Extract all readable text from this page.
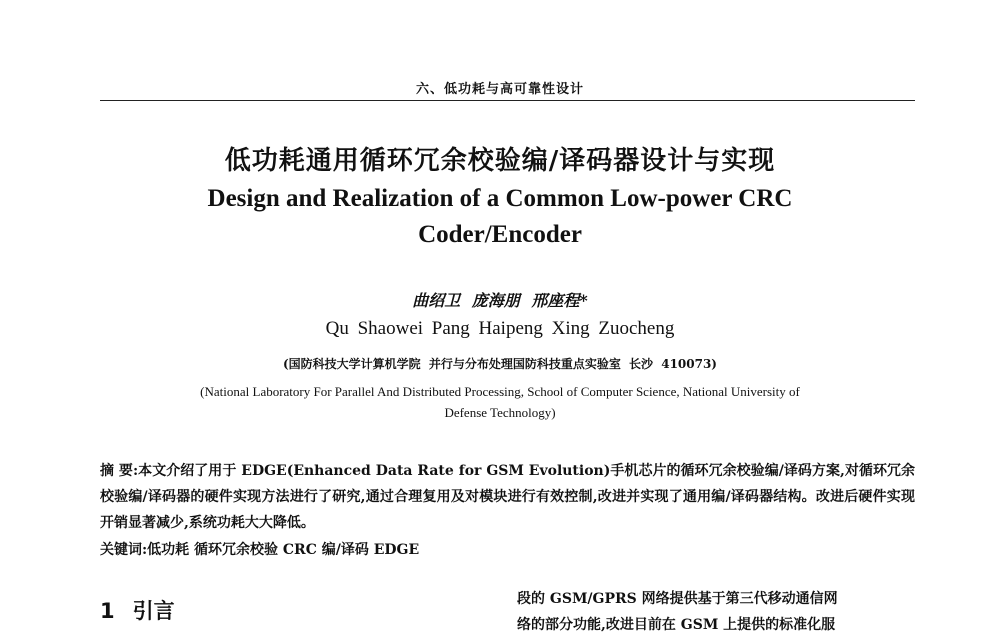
六、低功耗与高可靠性设计
低功耗通用循环冗余校验编/译码器设计与实现
Design and Realization of a Common Low-power CRC Coder/Encoder
曲绍卫 庞海朋 邢座程*
Qu Shaowei Pang Haipeng Xing Zuocheng
(国防科技大学计算机学院 并行与分布处理国防科技重点实验室 长沙 410073)
(National Laboratory For Parallel And Distributed Processing, School of Computer Science, National University of Defense Technology)
摘 要:本文介绍了用于 EDGE(Enhanced Data Rate for GSM Evolution)手机芯片的循环冗余校验编/译码方案,对循环冗余校验编/译码器的硬件实现方法进行了研究,通过合理复用及对模块进行有效控制,改进并实现了通用编/译码器结构。改进后硬件实现开销显著减少,系统功耗大大降低。
关键词:低功耗 循环冗余校验 CRC 编/译码 EDGE
1 引言	段的 GSM/GPRS 网络提供基于第三代移动通信网
络的部分功能,改进目前在 GSM 上提供的标准化服
